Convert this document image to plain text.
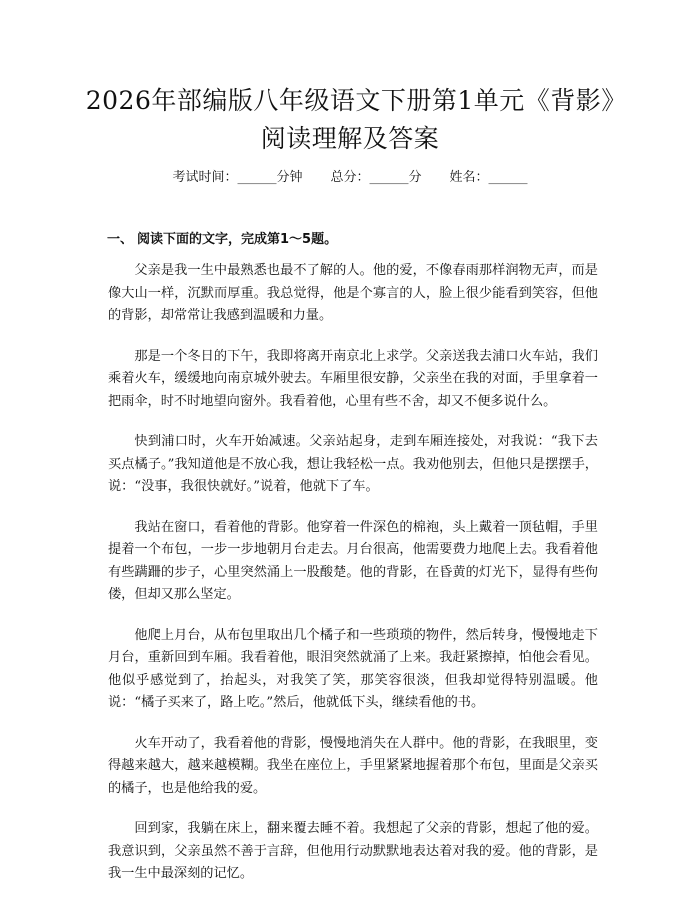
2026年部编版八年级语文下册第1单元《背影》阅读理解及答案
考试时间：______分钟 总分：______分 姓名：______
一、 阅读下面的文字，完成第1～5题。

父亲是我一生中最熟悉也最不了解的人。他的爱，不像春雨那样润物无声，而是像大山一样，沉默而厚重。我总觉得，他是个寡言的人，脸上很少能看到笑容，但他的背影，却常常让我感到温暖和力量。

那是一个冬日的下午，我即将离开南京北上求学。父亲送我去浦口火车站，我们乘着火车，缓缓地向南京城外驶去。车厢里很安静，父亲坐在我的对面，手里拿着一把雨伞，时不时地望向窗外。我看着他，心里有些不舍，却又不便多说什么。

快到浦口时，火车开始减速。父亲站起身，走到车厢连接处，对我说：“我下去买点橘子。”我知道他是不放心我，想让我轻松一点。我劝他别去，但他只是摆摆手，说：“没事，我很快就好。”说着，他就下了车。

我站在窗口，看着他的背影。他穿着一件深色的棉袍，头上戴着一顶毡帽，手里提着一个布包，一步一步地朝月台走去。月台很高，他需要费力地爬上去。我看着他有些蹒跚的步子，心里突然涌上一股酸楚。他的背影，在昏黄的灯光下，显得有些佝偻，但却又那么坚定。

他爬上月台，从布包里取出几个橘子和一些琐琐的物件，然后转身，慢慢地走下月台，重新回到车厢。我看着他，眼泪突然就涌了上来。我赶紧擦掉，怕他会看见。他似乎感觉到了，抬起头，对我笑了笑，那笑容很淡，但我却觉得特别温暖。他说：“橘子买来了，路上吃。”然后，他就低下头，继续看他的书。

火车开动了，我看着他的背影，慢慢地消失在人群中。他的背影，在我眼里，变得越来越大，越来越模糊。我坐在座位上，手里紧紧地握着那个布包，里面是父亲买的橘子，也是他给我的爱。

回到家，我躺在床上，翻来覆去睡不着。我想起了父亲的背影，想起了他的爱。我意识到，父亲虽然不善于言辞，但他用行动默默地表达着对我的爱。他的背影，是我一生中最深刻的记忆。
